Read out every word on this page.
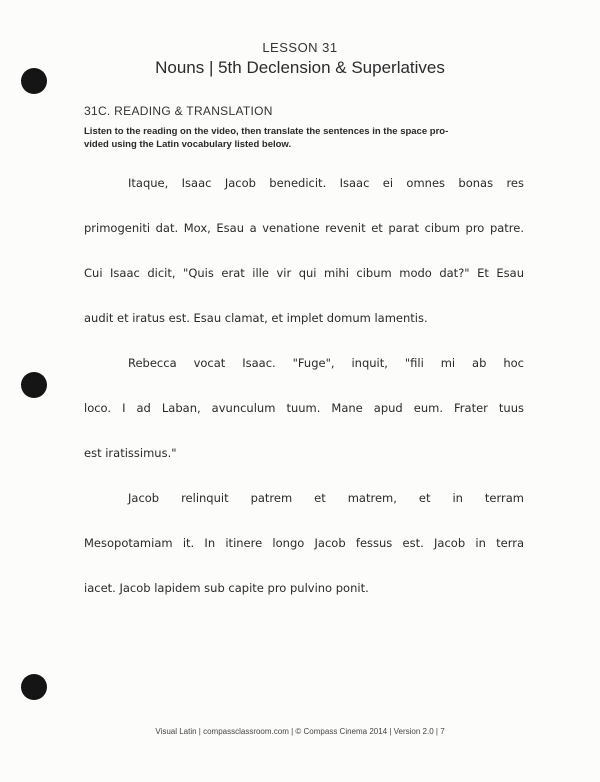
LESSON 31
Nouns | 5th Declension & Superlatives
31C. READING & TRANSLATION
Listen to the reading on the video, then translate the sentences in the space pro-
vided using the Latin vocabulary listed below.
Itaque, Isaac Jacob benedicit. Isaac ei omnes bonas res
primogeniti dat. Mox, Esau a venatione revenit et parat cibum pro patre.
Cui Isaac dicit, "Quis erat ille vir qui mihi cibum modo dat?" Et Esau
audit et iratus est. Esau clamat, et implet domum lamentis.
Rebecca vocat Isaac. "Fuge", inquit, "fili mi ab hoc
loco. I ad Laban, avunculum tuum. Mane apud eum. Frater tuus
est iratissimus."
Jacob relinquit patrem et matrem, et in terram
Mesopotamiam it. In itinere longo Jacob fessus est. Jacob in terra
iacet. Jacob lapidem sub capite pro pulvino ponit.
Visual Latin | compassclassroom.com | © Compass Cinema 2014 | Version 2.0 | 7
